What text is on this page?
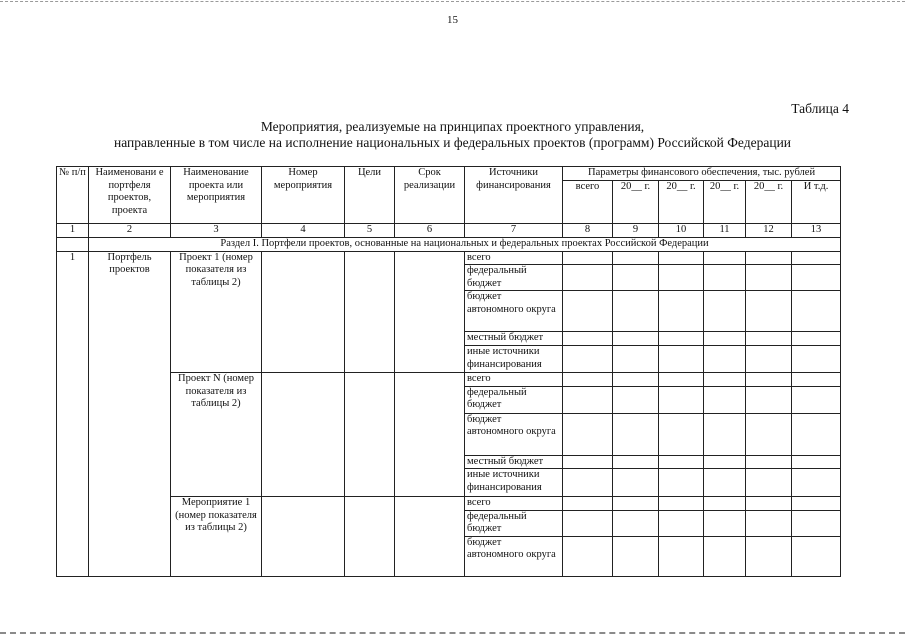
15
Таблица 4
Мероприятия, реализуемые на принципах проектного управления,
направленные в том числе на исполнение национальных и федеральных проектов (программ) Российской Федерации
№ п/п	Наименовани е портфеля проектов, проекта	Наименование проекта или мероприятия	Номер мероприятия	Цели	Срок реализации	Источники финансирования	Параметры финансового обеспечения, тыс. рублей					
							всего	20__ г.	20__ г.	20__ г.	20__ г.	И т.д.
1	2	3	4	5	6	7	8	9	10	11	12	13
	Раздел I. Портфели проектов, основанные на национальных и федеральных проектах Российской Федерации											
1	Портфель проектов	Проект 1 (номер показателя из таблицы 2)				всего						
						федеральный бюджет						
						бюджет автономного округа						
						местный бюджет						
						иные источники финансирования						
		Проект N (номер показателя из таблицы 2)				всего						
						федеральный бюджет						
						бюджет автономного округа						
						местный бюджет						
						иные источники финансирования						
		Мероприятие 1 (номер показателя из таблицы 2)				всего						
						федеральный бюджет						
						бюджет автономного округа						
